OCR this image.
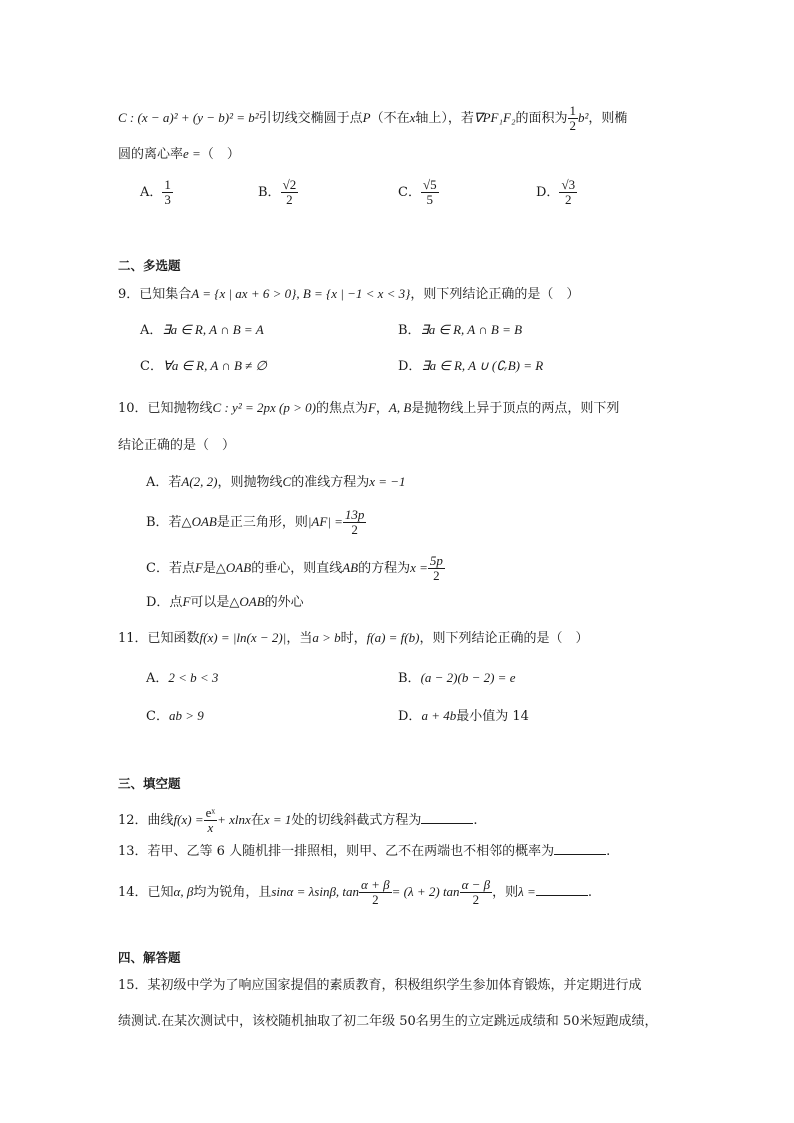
C : (x − a)² + (y − b)² = b²引切线交椭圆于点P（不在x轴上），若∇PF₁F₂的面积为 $\frac{1}{2} b^2$，则椭
圆的离心率e =（　）
A． $\frac{1}{3}$	B． $\frac{√2}{2}$	C． $\frac{√5}{5}$	D． $\frac{√3}{2}$
二、多选题
9．已知集合A = {x | ax + 6 > 0}, B = {x | −1 < x < 3}，则下列结论正确的是（　）
A．∃a ∈ R, A ∩ B = A	B．∃a ∈ R, A ∩ B = B
C．∀a ∈ R, A ∩ B ≠ ∅	D．∃a ∈ R, A ∪ (∁ᵣB) = R
10．已知抛物线C : y² = 2px (p > 0)的焦点为F，A, B是抛物线上异于顶点的两点，则下列
结论正确的是（　）
A．若A(2, 2)，则抛物线C的准线方程为x = −1
B．若△OAB是正三角形，则$|AF| = \frac{13p}{2}$
C．若点F是△OAB的垂心，则直线AB的方程为$x = \frac{5p}{2}$
D．点F可以是△OAB的外心
11．已知函数f(x) = |ln(x − 2)|，当a > b时，f(a) = f(b)，则下列结论正确的是（　）
A．2 < b < 3	B．(a − 2)(b − 2) = e
C．ab > 9	D．a + 4b最小值为 14
三、填空题
12．曲线$f(x) = \frac{\text{eˣ}}{x} + xlnx$在x = 1处的切线斜截式方程为	.
13．若甲、乙等 6 人随机排一排照相，则甲、乙不在两端也不相邻的概率为	.
14．已知α, β均为锐角，且sinα = λsinβ, $\tan \frac{\alpha + \beta}{2} = (\lambda + 2)$ $\tan \frac{\alpha - \beta}{2}$ ，则λ =	.
四、解答题
15．某初级中学为了响应国家提倡的素质教育，积极组织学生参加体育锻炼，并定期进行成
绩测试.在某次测试中，该校随机抽取了初二年级 50名男生的立定跳远成绩和 50米短跑成绩，
